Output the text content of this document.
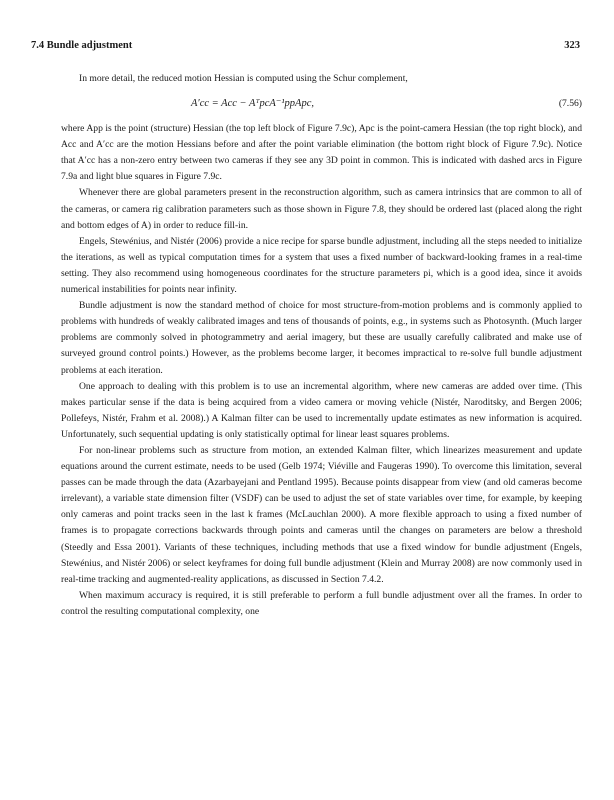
7.4 Bundle adjustment	323

In more detail, the reduced motion Hessian is computed using the Schur complement,

A′cc = Acc − AᵀpcA⁻¹ppApc,	(7.56)

where App is the point (structure) Hessian (the top left block of Figure 7.9c), Apc is the point-camera Hessian (the top right block), and Acc and A′cc are the motion Hessians before and after the point variable elimination (the bottom right block of Figure 7.9c). Notice that A′cc has a non-zero entry between two cameras if they see any 3D point in common. This is indicated with dashed arcs in Figure 7.9a and light blue squares in Figure 7.9c.

Whenever there are global parameters present in the reconstruction algorithm, such as camera intrinsics that are common to all of the cameras, or camera rig calibration parameters such as those shown in Figure 7.8, they should be ordered last (placed along the right and bottom edges of A) in order to reduce fill-in.

Engels, Stewénius, and Nistér (2006) provide a nice recipe for sparse bundle adjustment, including all the steps needed to initialize the iterations, as well as typical computation times for a system that uses a fixed number of backward-looking frames in a real-time setting. They also recommend using homogeneous coordinates for the structure parameters pi, which is a good idea, since it avoids numerical instabilities for points near infinity.

Bundle adjustment is now the standard method of choice for most structure-from-motion problems and is commonly applied to problems with hundreds of weakly calibrated images and tens of thousands of points, e.g., in systems such as Photosynth. (Much larger problems are commonly solved in photogrammetry and aerial imagery, but these are usually carefully calibrated and make use of surveyed ground control points.) However, as the problems become larger, it becomes impractical to re-solve full bundle adjustment problems at each iteration.

One approach to dealing with this problem is to use an incremental algorithm, where new cameras are added over time. (This makes particular sense if the data is being acquired from a video camera or moving vehicle (Nistér, Naroditsky, and Bergen 2006; Pollefeys, Nistér, Frahm et al. 2008).) A Kalman filter can be used to incrementally update estimates as new information is acquired. Unfortunately, such sequential updating is only statistically optimal for linear least squares problems.

For non-linear problems such as structure from motion, an extended Kalman filter, which linearizes measurement and update equations around the current estimate, needs to be used (Gelb 1974; Viéville and Faugeras 1990). To overcome this limitation, several passes can be made through the data (Azarbayejani and Pentland 1995). Because points disappear from view (and old cameras become irrelevant), a variable state dimension filter (VSDF) can be used to adjust the set of state variables over time, for example, by keeping only cameras and point tracks seen in the last k frames (McLauchlan 2000). A more flexible approach to using a fixed number of frames is to propagate corrections backwards through points and cameras until the changes on parameters are below a threshold (Steedly and Essa 2001). Variants of these techniques, including methods that use a fixed window for bundle adjustment (Engels, Stewénius, and Nistér 2006) or select keyframes for doing full bundle adjustment (Klein and Murray 2008) are now commonly used in real-time tracking and augmented-reality applications, as discussed in Section 7.4.2.

When maximum accuracy is required, it is still preferable to perform a full bundle adjustment over all the frames. In order to control the resulting computational complexity, one
